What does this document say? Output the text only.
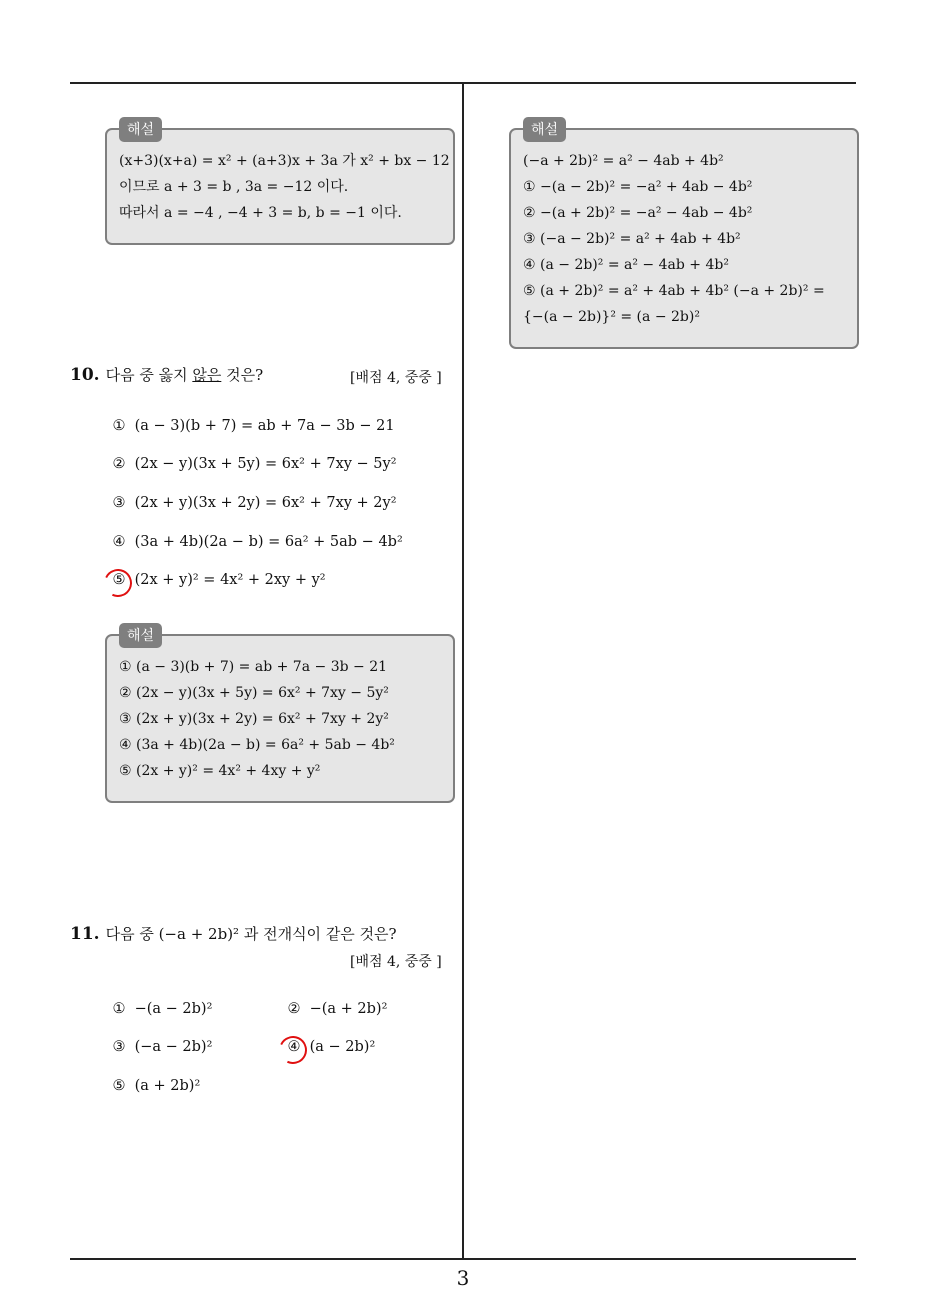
해설
(x+3)(x+a) = x² + (a+3)x + 3a 가 x² + bx − 12
이므로 a + 3 = b , 3a = −12 이다.
따라서 a = −4 , −4 + 3 = b, b = −1 이다.
10. 다음 중 옳지 않은 것은?	[배점 4, 중중 ]
① (a − 3)(b + 7) = ab + 7a − 3b − 21
② (2x − y)(3x + 5y) = 6x² + 7xy − 5y²
③ (2x + y)(3x + 2y) = 6x² + 7xy + 2y²
④ (3a + 4b)(2a − b) = 6a² + 5ab − 4b²
⑤ (2x + y)² = 4x² + 2xy + y²
해설
① (a − 3)(b + 7) = ab + 7a − 3b − 21
② (2x − y)(3x + 5y) = 6x² + 7xy − 5y²
③ (2x + y)(3x + 2y) = 6x² + 7xy + 2y²
④ (3a + 4b)(2a − b) = 6a² + 5ab − 4b²
⑤ (2x + y)² = 4x² + 4xy + y²
11. 다음 중 (−a + 2b)² 과 전개식이 같은 것은?
[배점 4, 중중 ]
① −(a − 2b)²	② −(a + 2b)²
③ (−a − 2b)²	④ (a − 2b)²
⑤ (a + 2b)²
해설
(−a + 2b)² = a² − 4ab + 4b²
① −(a − 2b)² = −a² + 4ab − 4b²
② −(a + 2b)² = −a² − 4ab − 4b²
③ (−a − 2b)² = a² + 4ab + 4b²
④ (a − 2b)² = a² − 4ab + 4b²
⑤ (a + 2b)² = a² + 4ab + 4b² (−a + 2b)² =
{−(a − 2b)}² = (a − 2b)²
3
